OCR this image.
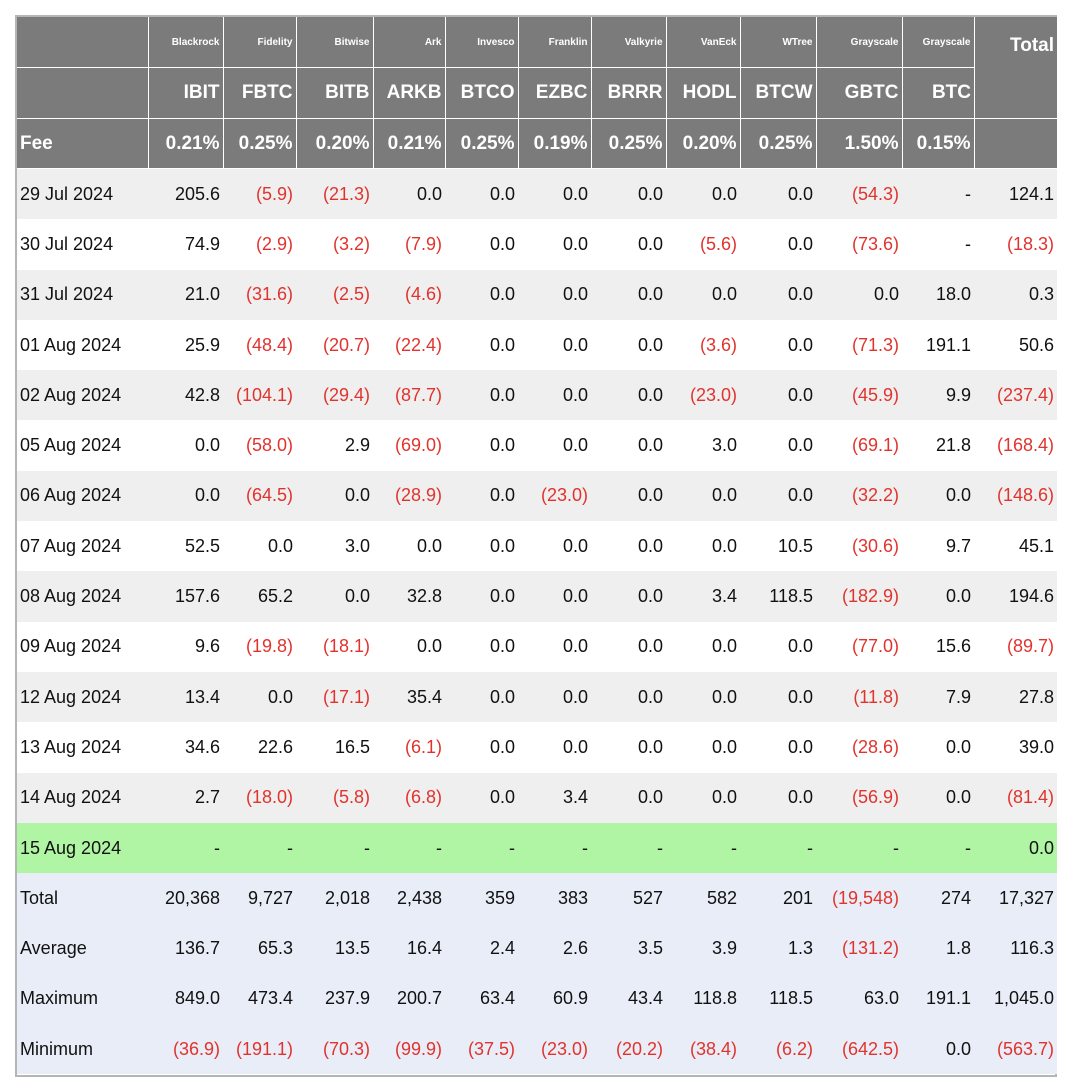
	Blackrock	Fidelity	Bitwise	Ark	Invesco	Franklin	Valkyrie	VanEck	WTree	Grayscale	Grayscale	Total
	IBIT	FBTC	BITB	ARKB	BTCO	EZBC	BRRR	HODL	BTCW	GBTC	BTC	
Fee	0.21%	0.25%	0.20%	0.21%	0.25%	0.19%	0.25%	0.20%	0.25%	1.50%	0.15%	
29 Jul 2024	205.6	(5.9)	(21.3)	0.0	0.0	0.0	0.0	0.0	0.0	(54.3)	-	124.1
30 Jul 2024	74.9	(2.9)	(3.2)	(7.9)	0.0	0.0	0.0	(5.6)	0.0	(73.6)	-	(18.3)
31 Jul 2024	21.0	(31.6)	(2.5)	(4.6)	0.0	0.0	0.0	0.0	0.0	0.0	18.0	0.3
01 Aug 2024	25.9	(48.4)	(20.7)	(22.4)	0.0	0.0	0.0	(3.6)	0.0	(71.3)	191.1	50.6
02 Aug 2024	42.8	(104.1)	(29.4)	(87.7)	0.0	0.0	0.0	(23.0)	0.0	(45.9)	9.9	(237.4)
05 Aug 2024	0.0	(58.0)	2.9	(69.0)	0.0	0.0	0.0	3.0	0.0	(69.1)	21.8	(168.4)
06 Aug 2024	0.0	(64.5)	0.0	(28.9)	0.0	(23.0)	0.0	0.0	0.0	(32.2)	0.0	(148.6)
07 Aug 2024	52.5	0.0	3.0	0.0	0.0	0.0	0.0	0.0	10.5	(30.6)	9.7	45.1
08 Aug 2024	157.6	65.2	0.0	32.8	0.0	0.0	0.0	3.4	118.5	(182.9)	0.0	194.6
09 Aug 2024	9.6	(19.8)	(18.1)	0.0	0.0	0.0	0.0	0.0	0.0	(77.0)	15.6	(89.7)
12 Aug 2024	13.4	0.0	(17.1)	35.4	0.0	0.0	0.0	0.0	0.0	(11.8)	7.9	27.8
13 Aug 2024	34.6	22.6	16.5	(6.1)	0.0	0.0	0.0	0.0	0.0	(28.6)	0.0	39.0
14 Aug 2024	2.7	(18.0)	(5.8)	(6.8)	0.0	3.4	0.0	0.0	0.0	(56.9)	0.0	(81.4)
15 Aug 2024	-	-	-	-	-	-	-	-	-	-	-	0.0
Total	20,368	9,727	2,018	2,438	359	383	527	582	201	(19,548)	274	17,327
Average	136.7	65.3	13.5	16.4	2.4	2.6	3.5	3.9	1.3	(131.2)	1.8	116.3
Maximum	849.0	473.4	237.9	200.7	63.4	60.9	43.4	118.8	118.5	63.0	191.1	1,045.0
Minimum	(36.9)	(191.1)	(70.3)	(99.9)	(37.5)	(23.0)	(20.2)	(38.4)	(6.2)	(642.5)	0.0	(563.7)
